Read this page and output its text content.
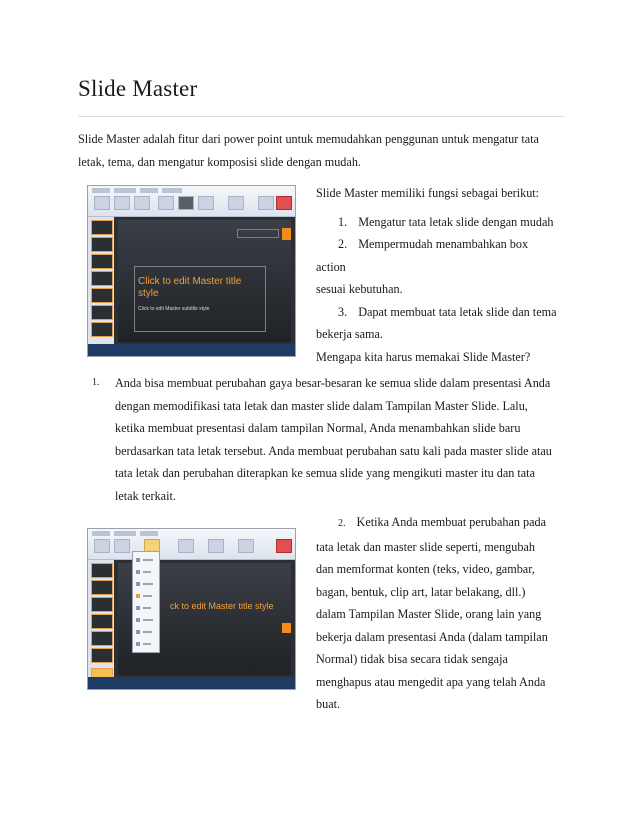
Slide Master
Slide Master adalah fitur dari power point untuk memudahkan penggunan untuk mengatur tata
letak, tema, dan mengatur komposisi slide dengan mudah.
Click to edit Master title style
Click to edit Master subtitle style
Slide Master memiliki fungsi sebagai berikut:
1. Mengatur tata letak slide dengan mudah
2. Mempermudah menambahkan box
action
sesuai kebutuhan.
3. Dapat membuat tata letak slide dan tema
bekerja sama.
Mengapa kita harus memakai Slide Master?
1. Anda bisa membuat perubahan gaya besar-besaran ke semua slide dalam presentasi Anda
dengan memodifikasi tata letak dan master slide dalam Tampilan Master Slide. Lalu,
ketika membuat presentasi dalam tampilan Normal, Anda menambahkan slide baru
berdasarkan tata letak tersebut. Anda membuat perubahan satu kali pada master slide atau
tata letak dan perubahan diterapkan ke semua slide yang mengikuti master itu dan tata
letak terkait.
ck to edit Master title style
2. Ketika Anda membuat perubahan pada
tata letak dan master slide seperti, mengubah
dan memformat konten (teks, video, gambar,
bagan, bentuk, clip art, latar belakang, dll.)
dalam Tampilan Master Slide, orang lain yang
bekerja dalam presentasi Anda (dalam tampilan
Normal) tidak bisa secara tidak sengaja
menghapus atau mengedit apa yang telah Anda
buat.
